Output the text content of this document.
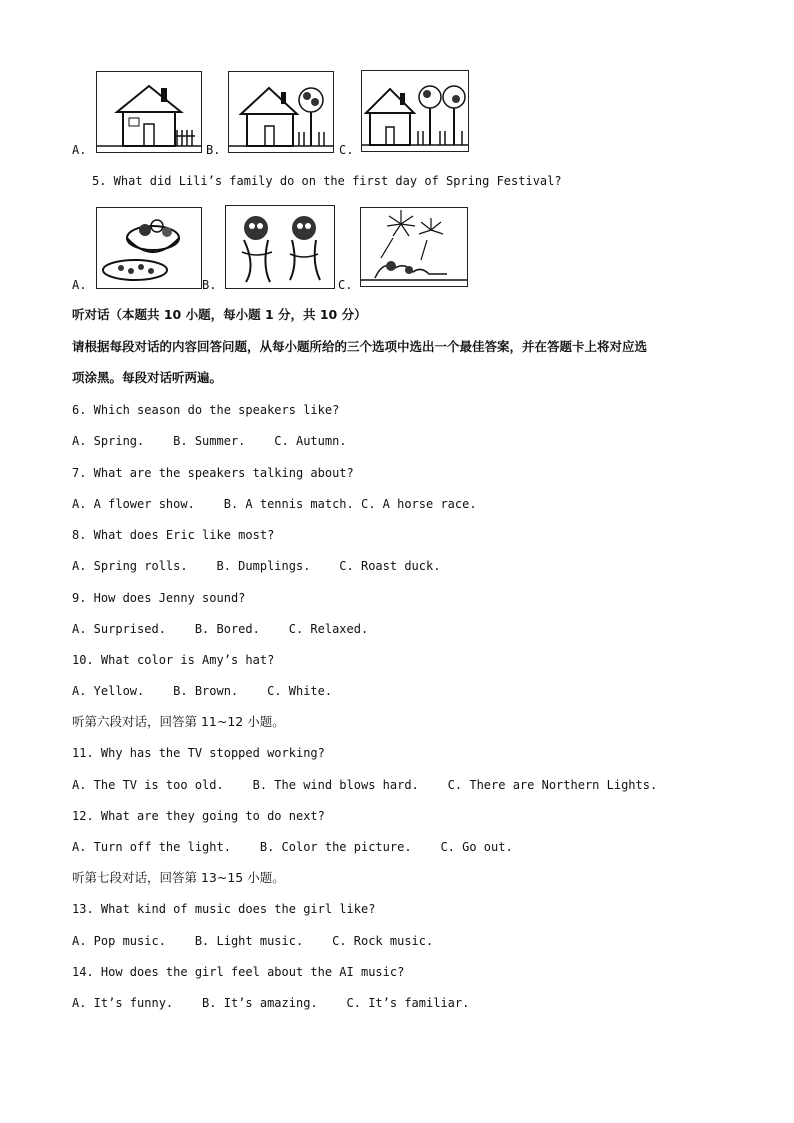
A.	B.	C.
5. What did Lili’s family do on the first day of Spring Festival?
A.	B.	C.
听对话（本题共 10 小题，每小题 1 分，共 10 分）
请根据每段对话的内容回答问题，从每小题所给的三个选项中选出一个最佳答案，并在答题卡上将对应选
项涂黑。每段对话听两遍。
6. Which season do the speakers like?
A. Spring.    B. Summer.    C. Autumn.
7. What are the speakers talking about?
A. A flower show.    B. A tennis match. C. A horse race.
8. What does Eric like most?
A. Spring rolls.    B. Dumplings.    C. Roast duck.
9. How does Jenny sound?
A. Surprised.    B. Bored.    C. Relaxed.
10. What color is Amy’s hat?
A. Yellow.    B. Brown.    C. White.
听第六段对话，回答第 11~12 小题。
11. Why has the TV stopped working?
A. The TV is too old.    B. The wind blows hard.    C. There are Northern Lights.
12. What are they going to do next?
A. Turn off the light.    B. Color the picture.    C. Go out.
听第七段对话，回答第 13~15 小题。
13. What kind of music does the girl like?
A. Pop music.    B. Light music.    C. Rock music.
14. How does the girl feel about the AI music?
A. It’s funny.    B. It’s amazing.    C. It’s familiar.
